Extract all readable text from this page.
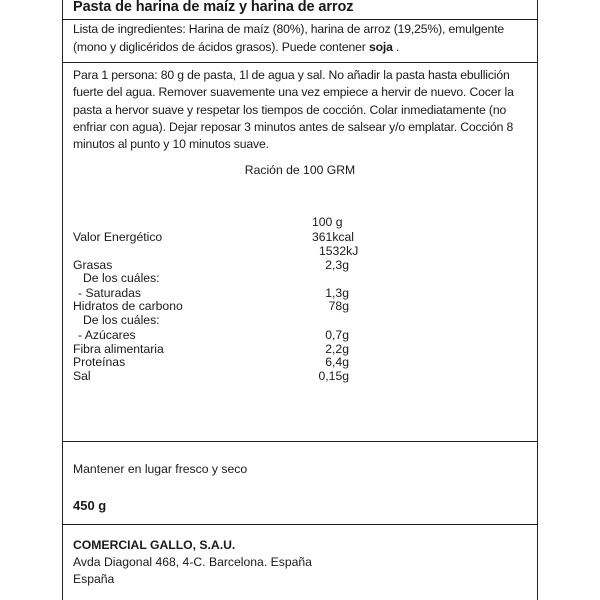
Pasta de harina de maíz y harina de arroz
Lista de ingredientes: Harina de maíz (80%), harina de arroz (19,25%), emulgente (mono y diglicéridos de ácidos grasos). Puede contener soja .
Para 1 persona: 80 g de pasta, 1l de agua y sal. No añadir la pasta hasta ebullición fuerte del agua. Remover suavemente una vez empiece a hervir de nuevo. Cocer la pasta a hervor suave y respetar los tiempos de cocción. Colar inmediatamente (no enfriar con agua). Dejar reposar 3 minutos antes de salsear y/o emplatar. Cocción 8 minutos al punto y 10 minutos suave.
Ración de 100 GRM
100 g
Valor Energético	361kcal
1532kJ
Grasas	2,3g
De los cuáles:
- Saturadas	1,3g
Hidratos de carbono	78g
De los cuáles:
- Azúcares	0,7g
Fibra alimentaria	2,2g
Proteínas	6,4g
Sal	0,15g
Mantener en lugar fresco y seco
450 g
COMERCIAL GALLO, S.A.U.
Avda Diagonal 468, 4-C. Barcelona. España
España
